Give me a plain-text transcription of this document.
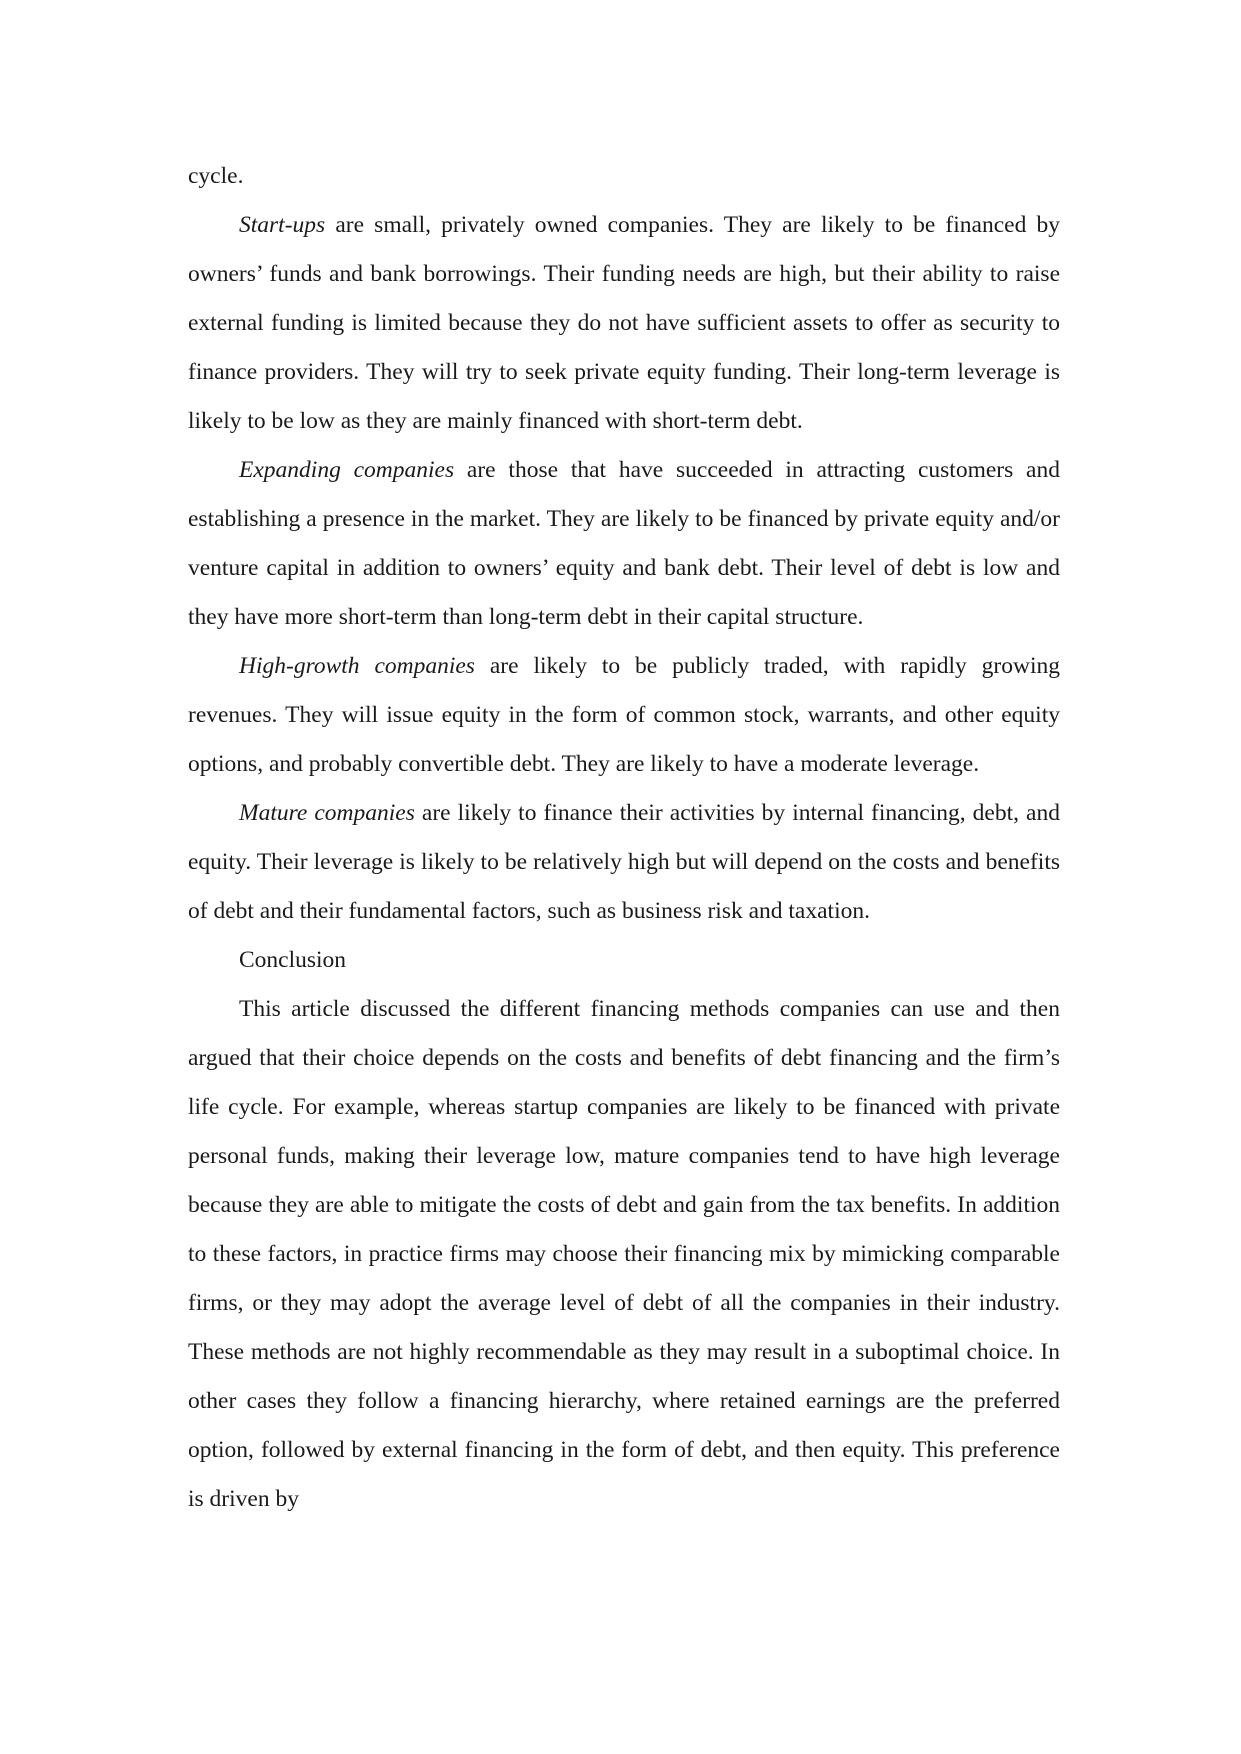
cycle.

Start-ups are small, privately owned companies. They are likely to be financed by owners’ funds and bank borrowings. Their funding needs are high, but their ability to raise external funding is limited because they do not have sufficient assets to offer as security to finance providers. They will try to seek private equity funding. Their long-term leverage is likely to be low as they are mainly financed with short-term debt.

Expanding companies are those that have succeeded in attracting customers and establishing a presence in the market. They are likely to be financed by private equity and/or venture capital in addition to owners’ equity and bank debt. Their level of debt is low and they have more short-term than long-term debt in their capital structure.

High-growth companies are likely to be publicly traded, with rapidly growing revenues. They will issue equity in the form of common stock, warrants, and other equity options, and probably convertible debt. They are likely to have a moderate leverage.

Mature companies are likely to finance their activities by internal financing, debt, and equity. Their leverage is likely to be relatively high but will depend on the costs and benefits of debt and their fundamental factors, such as business risk and taxation.

Conclusion

This article discussed the different financing methods companies can use and then argued that their choice depends on the costs and benefits of debt financing and the firm’s life cycle. For example, whereas startup companies are likely to be financed with private personal funds, making their leverage low, mature companies tend to have high leverage because they are able to mitigate the costs of debt and gain from the tax benefits. In addition to these factors, in practice firms may choose their financing mix by mimicking comparable firms, or they may adopt the average level of debt of all the companies in their industry. These methods are not highly recommendable as they may result in a suboptimal choice. In other cases they follow a financing hierarchy, where retained earnings are the preferred option, followed by external financing in the form of debt, and then equity. This preference is driven by
